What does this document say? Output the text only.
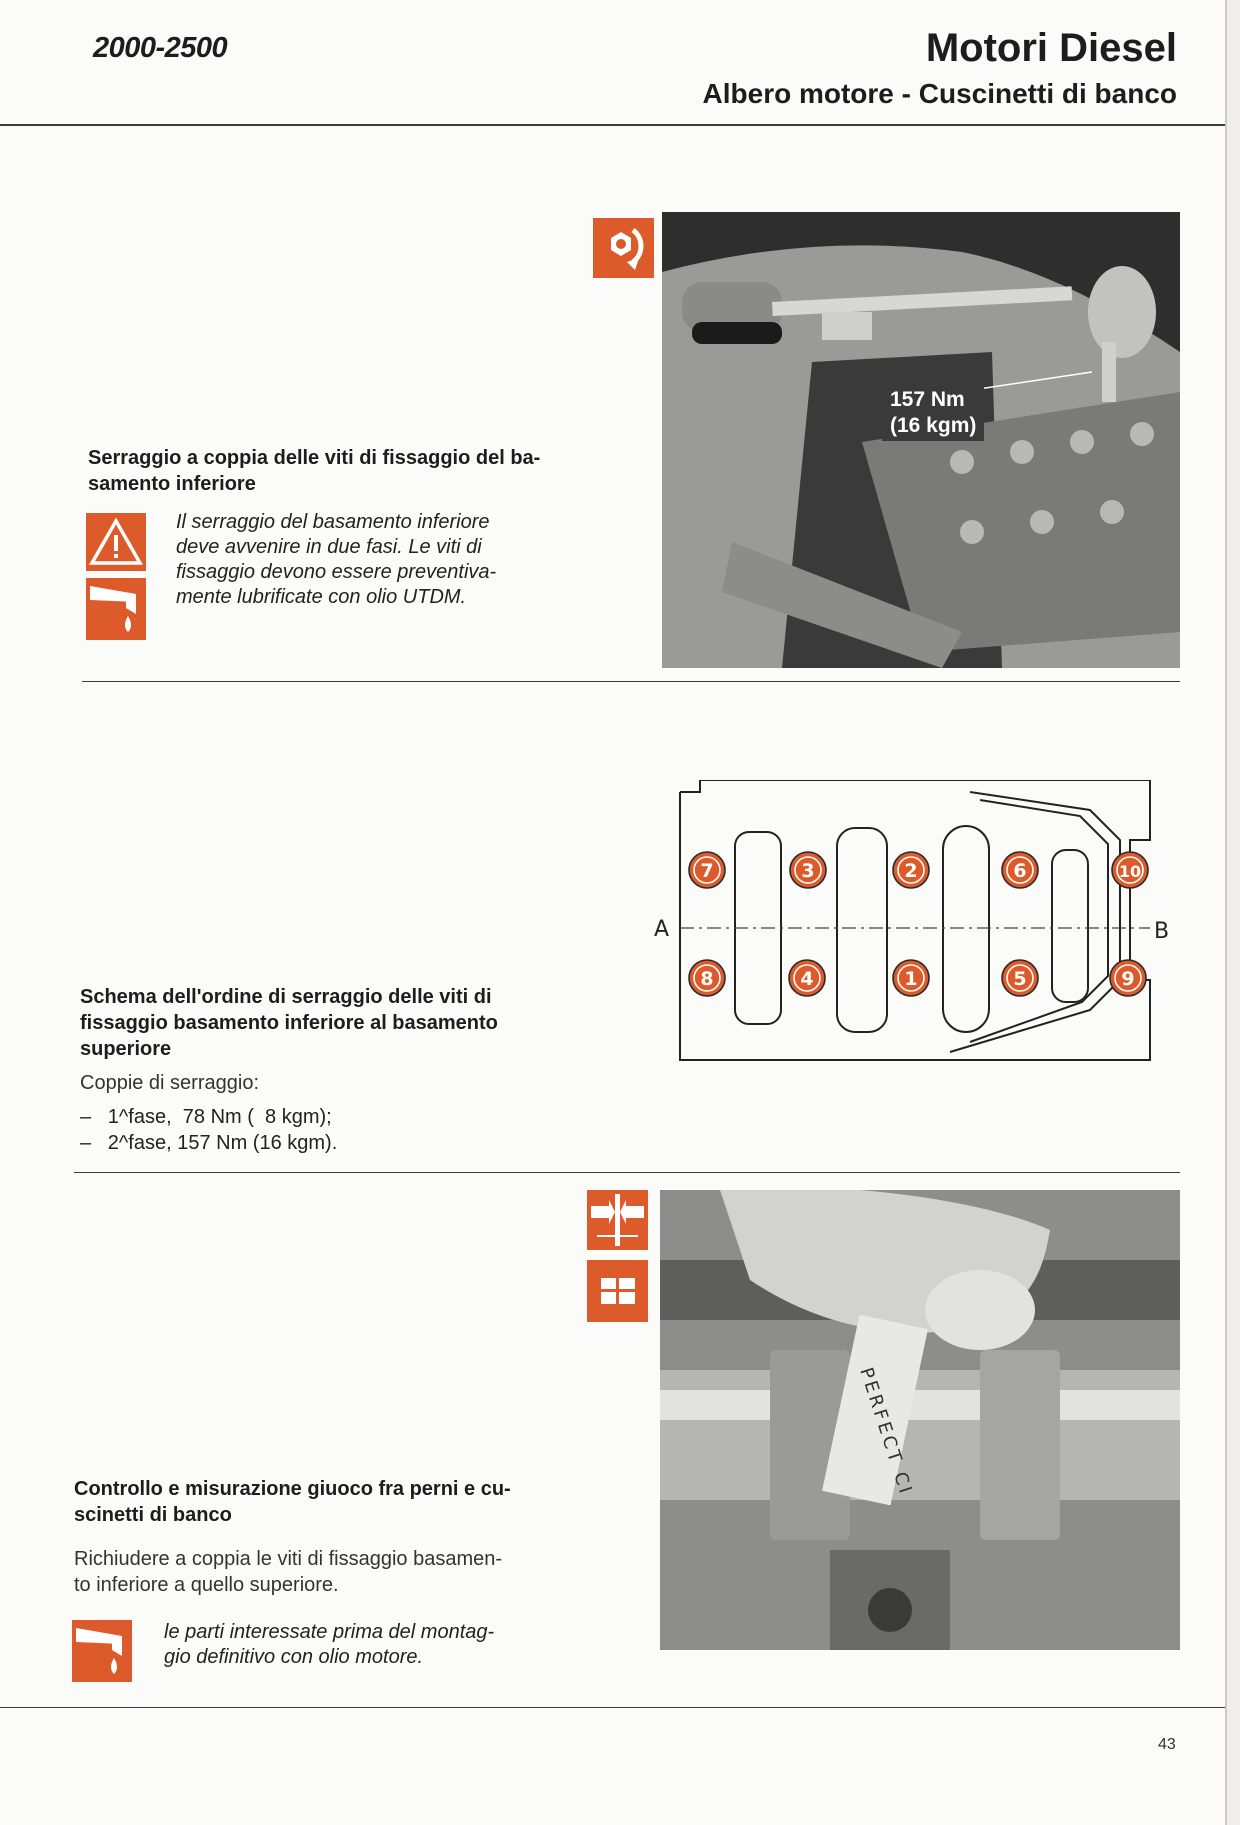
2000-2500	Motori Diesel
Albero motore - Cuscinetti di banco
157 Nm
(16 kgm)
Serraggio a coppia delle viti di fissaggio del ba-
samento inferiore
Il serraggio del basamento inferiore
deve avvenire in due fasi. Le viti di
fissaggio devono essere preventiva-
mente lubrificate con olio UTDM.
A	B
7	3	2	6	10
8	4	1	5	9
Schema dell'ordine di serraggio delle viti di
fissaggio basamento inferiore al basamento
superiore
Coppie di serraggio:
–   1^fase,  78 Nm (  8 kgm);
–   2^fase, 157 Nm (16 kgm).
PERFECT CI
Controllo e misurazione giuoco fra perni e cu-
scinetti di banco
Richiudere a coppia le viti di fissaggio basamen-
to inferiore a quello superiore.
le parti interessate prima del montag-
gio definitivo con olio motore.
43
